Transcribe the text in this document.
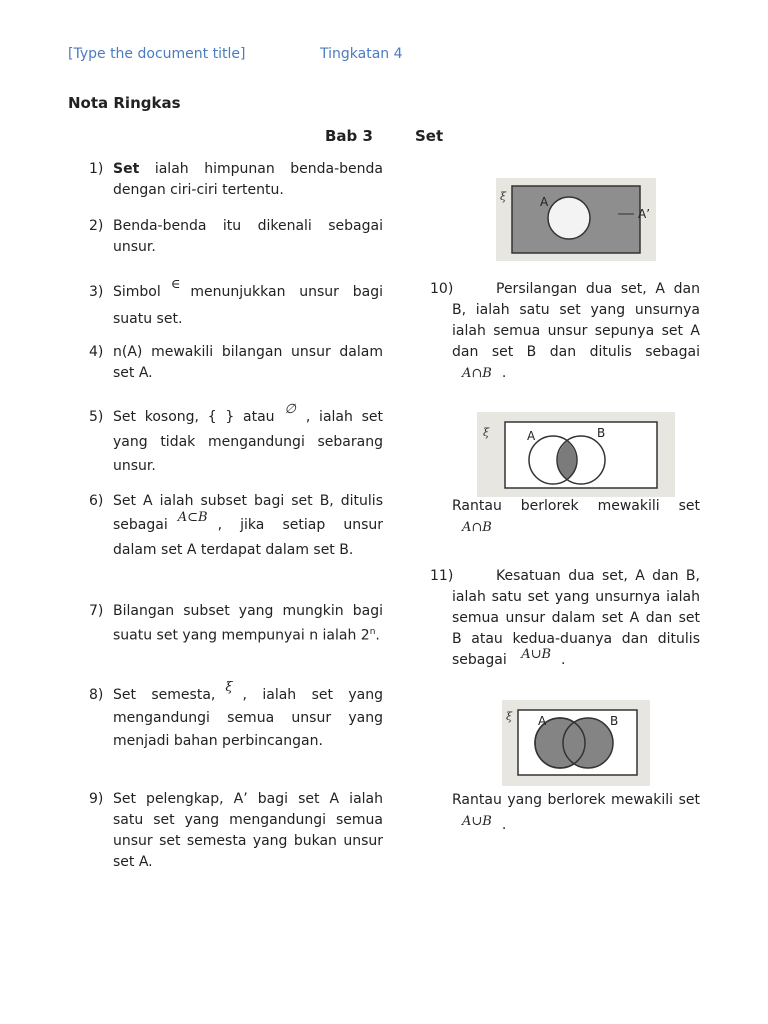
[Type the document title]	Tingkatan 4
Nota Ringkas
Bab 3	Set
1) Set ialah himpunan benda-benda dengan ciri-ciri tertentu.

2) Benda-benda itu dikenali sebagai unsur.

3) Simbol ∈ menunjukkan unsur bagi suatu set.

4) n(A) mewakili bilangan unsur dalam set A.

5) Set kosong, { } atau ∅ , ialah set yang tidak mengandungi sebarang unsur.

6) Set A ialah subset bagi set B, ditulis sebagai A⊂B , jika setiap unsur dalam set A terdapat dalam set B.

7) Bilangan subset yang mungkin bagi suatu set yang mempunyai n ialah 2$^n$.

8) Set semesta, ξ , ialah set yang mengandungi semua unsur yang menjadi bahan perbincangan.

9) Set pelengkap, A’ bagi set A ialah satu set yang mengandungi semua unsur set semesta yang bukan unsur set A.

ξ	A
A’
10)	Persilangan dua set, A dan B, ialah satu set yang unsurnya ialah semua unsur sepunya set A dan set B dan ditulis sebagai A∩B .

ξ	A	B

Rantau berlorek mewakili set A∩B

11)	Kesatuan dua set, A dan B, ialah satu set yang unsurnya ialah semua unsur dalam set A dan set B atau kedua-duanya dan ditulis sebagai A∪B .

ξ A	B

Rantau yang berlorek mewakili set A∪B .
